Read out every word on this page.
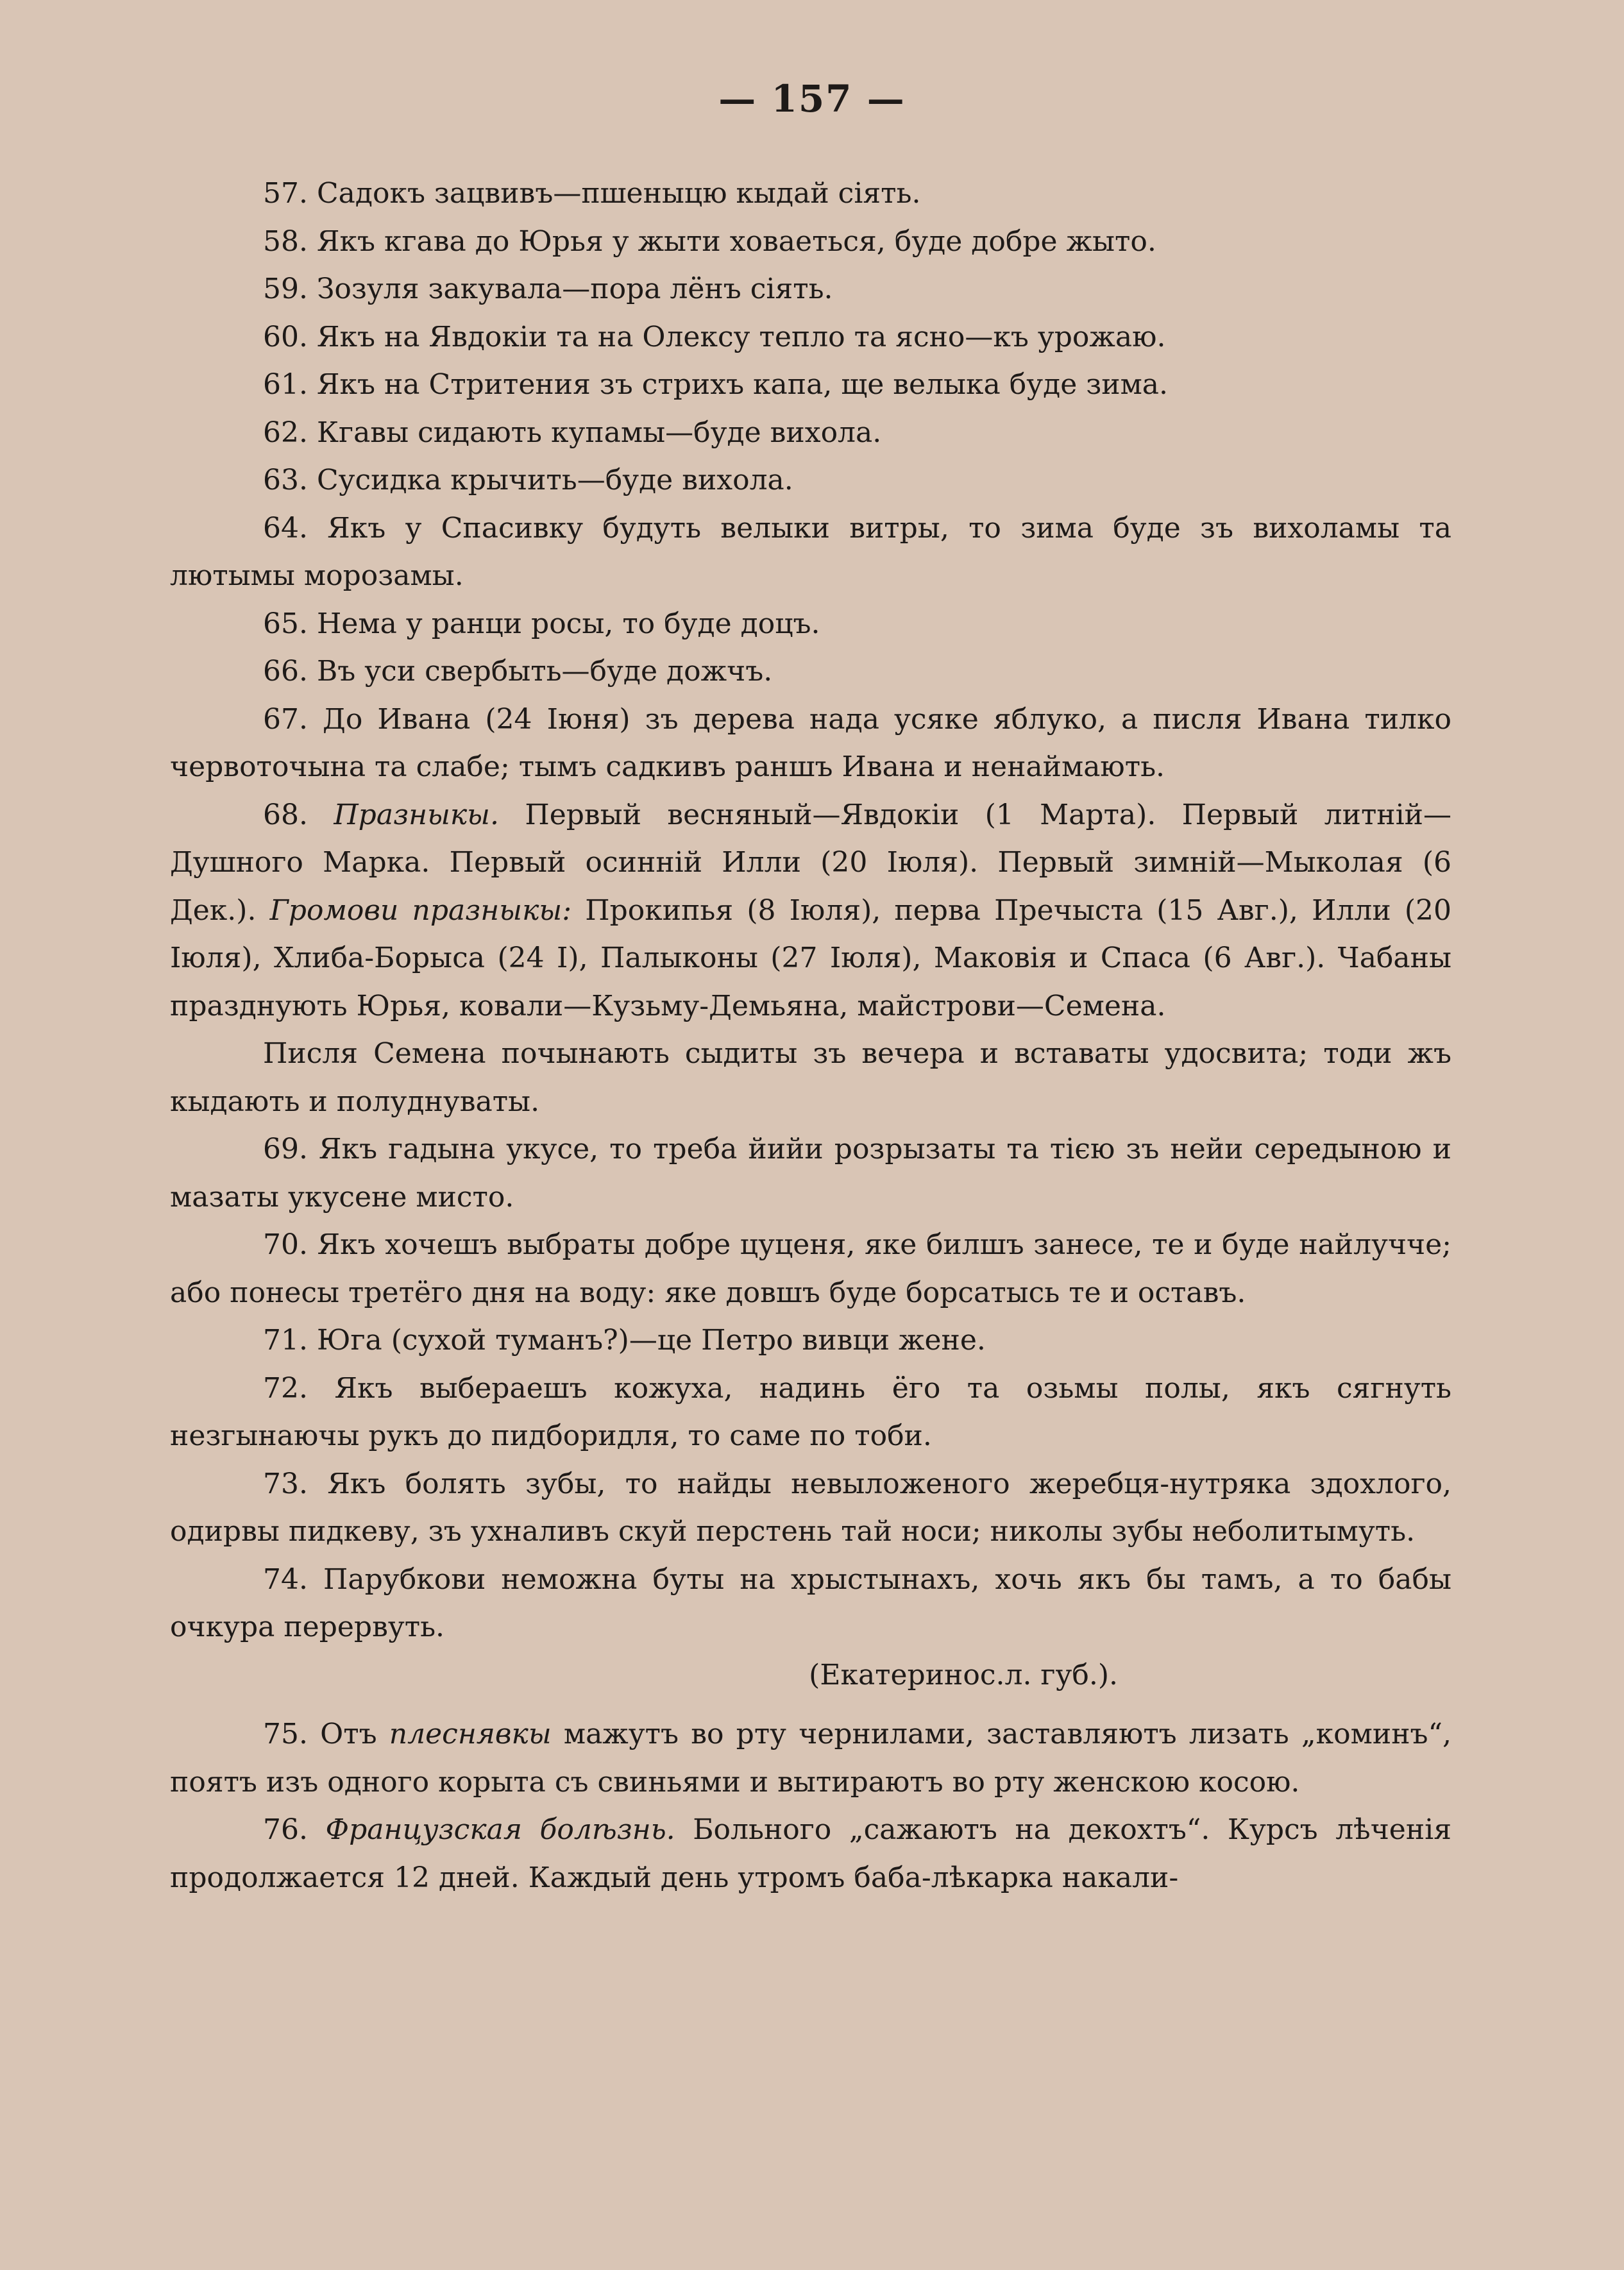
— 157 —

57. Садокъ зацвивъ—пшеныцю кыдай сіять.

58. Якъ кгава до Юрья у жыти ховаеться, буде добре жыто.

59. Зозуля закувала—пора лёнъ сіять.

60. Якъ на Явдокіи та на Олексу тепло та ясно—къ урожаю.

61. Якъ на Стритения зъ стрихъ капа, ще велыка буде зима.

62. Кгавы сидають купамы—буде вихола.

63. Сусидка крычить—буде вихола.

64. Якъ у Спасивку будуть велыки витры, то зима буде зъ вихоламы та лютымы морозамы.

65. Нема у ранци росы, то буде доцъ.

66. Въ уси свербыть—буде дожчъ.

67. До Ивана (24 Іюня) зъ дерева нада усяке яблуко, а писля Ивана тилко червоточына та слабе; тымъ садкивъ раншъ Ивана и ненаймають.

68. Празныкы. Первый весняный—Явдокіи (1 Марта). Первый литній—Душного Марка. Первый осинній Илли (20 Іюля). Первый зимній—Мыколая (6 Дек.). Громови празныкы: Прокипья (8 Іюля), перва Пречыста (15 Авг.), Илли (20 Іюля), Хлиба-Борыса (24 І), Палыконы (27 Іюля), Маковія и Спаса (6 Авг.). Чабаны празднують Юрья, ковали—Кузьму-Демьяна, майстрови—Семена.

Писля Семена почынають сыдиты зъ вечера и вставаты удосвита; тоди жъ кыдають и полуднуваты.

69. Якъ гадына укусе, то треба йийи розрызаты та тією зъ нейи середыною и мазаты укусене мисто.

70. Якъ хочешъ выбраты добре цуценя, яке билшъ занесе, те и буде найлучче; або понесы третёго дня на воду: яке довшъ буде борсатысь те и оставъ.

71. Юга (сухой туманъ?)—це Петро вивци жене.

72. Якъ выбераешъ кожуха, надинь ёго та озьмы полы, якъ сягнуть незгынаючы рукъ до пидборидля, то саме по тоби.

73. Якъ болять зубы, то найды невыложеного жеребця-нутряка здохлого, одирвы пидкеву, зъ ухналивъ скуй перстень тай носи; николы зубы неболитымуть.

74. Парубкови неможна буты на хрыстынахъ, хочь якъ бы тамъ, а то бабы очкура перервуть.

(Екатеринос.л. губ.).

75. Отъ плеснявкы мажутъ во рту чернилами, заставляютъ лизать „коминъ“, поятъ изъ одного корыта съ свиньями и вытираютъ во рту женскою косою.

76. Французская болѣзнь. Больного „сажаютъ на декохтъ“. Курсъ лѣченія продолжается 12 дней. Каждый день утромъ баба-лѣкарка накали-
